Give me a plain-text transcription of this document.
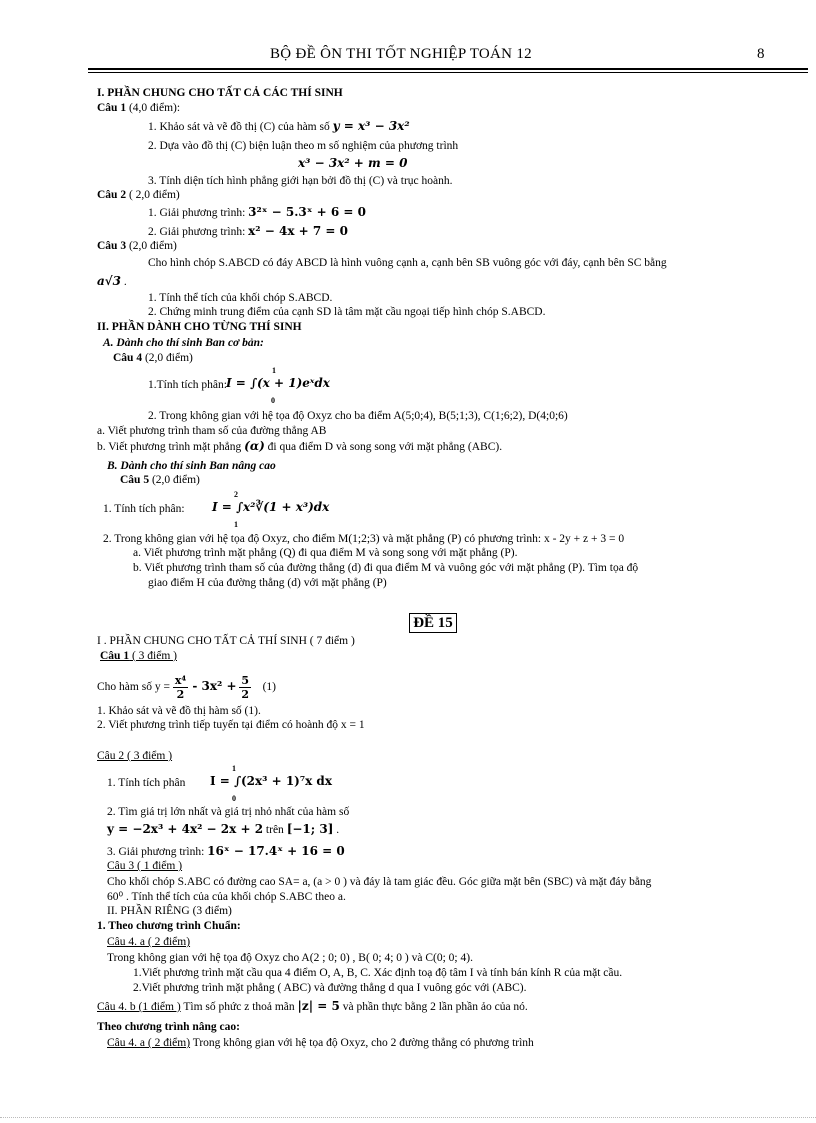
BỘ ĐỀ ÔN THI TỐT NGHIỆP TOÁN 12	8
I. PHẦN CHUNG CHO TẤT CẢ CÁC THÍ SINH
Câu 1 (4,0 điểm):
1. Khảo sát và vẽ đồ thị (C) của hàm số y = x³ − 3x²
2. Dựa vào đồ thị (C) biện luận theo m số nghiệm của phương trình
x³ − 3x² + m = 0
3. Tính diện tích hình phẳng giới hạn bởi đồ thị (C) và trục hoành.
Câu 2 ( 2,0 điểm)
1. Giải phương trình: 3²ˣ − 5.3ˣ + 6 = 0
2. Giải phương trình: x² − 4x + 7 = 0
Câu 3 (2,0 điểm)
Cho hình chóp S.ABCD có đáy ABCD là hình vuông cạnh a, cạnh bên SB vuông góc với đáy, cạnh bên SC bằng
a√3 .
1. Tính thể tích của khối chóp S.ABCD.
2. Chứng minh trung điểm của cạnh SD là tâm mặt cầu ngoại tiếp hình chóp S.ABCD.
II. PHẦN DÀNH CHO TỪNG THÍ SINH
A. Dành cho thí sinh Ban cơ bản:
Câu 4 (2,0 điểm)
1.Tính tích phân:
1
I = ∫(x + 1)eˣdx
0
2. Trong không gian với hệ tọa độ Oxyz cho ba điểm A(5;0;4), B(5;1;3), C(1;6;2), D(4;0;6)
a. Viết phương trình tham số của đường thẳng AB
b. Viết phương trình mặt phẳng (α) đi qua điểm D và song song với mặt phẳng (ABC).
B. Dành cho thí sinh Ban nâng cao
Câu 5 (2,0 điểm)
1. Tính tích phân:
2
I = ∫x²∛(1 + x³)dx
1
2. Trong không gian với hệ tọa độ Oxyz, cho điểm M(1;2;3) và mặt phẳng (P) có phương trình: x - 2y + z + 3 = 0
a. Viết phương trình mặt phẳng (Q) đi qua điểm M và song song với mặt phẳng (P).
b. Viết phương trình tham số của đường thẳng (d) đi qua điểm M và vuông góc với mặt phẳng (P). Tìm tọa độ
giao điểm H của đường thẳng (d) với mặt phẳng (P)
ĐỀ 15
I . PHẦN CHUNG CHO TẤT CẢ THÍ SINH ( 7 điểm )
Câu 1 ( 3 điểm )
Cho hàm số $y = \frac{\text{x⁴}}{2} - 3x^2 + \frac{5}{2} (1)$
1. Khảo sát và vẽ đồ thị hàm số (1).
2. Viết phương trình tiếp tuyến tại điểm có hoành độ x = 1
Câu 2 ( 3 điểm )
1. Tính tích phân
1
I = ∫(2x³ + 1)⁷x dx
0
2. Tìm giá trị lớn nhất và giá trị nhỏ nhất của hàm số
y = −2x³ + 4x² − 2x + 2 trên [−1; 3] .
3. Giải phương trình: 16ˣ − 17.4ˣ + 16 = 0
Câu 3 ( 1 điểm )
Cho khối chóp S.ABC có đường cao SA= a, (a > 0 ) và đáy là tam giác đều. Góc giữa mặt bên (SBC) và mặt đáy bằng
60⁰ . Tính thể tích của của khối chóp S.ABC theo a.
II. PHẦN RIÊNG (3 điểm)
1. Theo chương trình Chuẩn:
Câu 4. a ( 2 điểm)
Trong không gian với hệ tọa độ Oxyz cho A(2 ; 0; 0) , B( 0; 4; 0 ) và C(0; 0; 4).
1.Viết phương trình mặt cầu qua 4 điểm O, A, B, C. Xác định toạ độ tâm I và tính bán kính R của mặt cầu.
2.Viết phương trình mặt phẳng ( ABC) và đường thẳng d qua I vuông góc với (ABC).
Câu 4. b (1 điểm ) Tìm số phức z thoả mãn |z| = 5 và phần thực bằng 2 lần phần ảo của nó.
Theo chương trình nâng cao:
Câu 4. a ( 2 điểm) Trong không gian với hệ tọa độ Oxyz, cho 2 đường thẳng có phương trình
